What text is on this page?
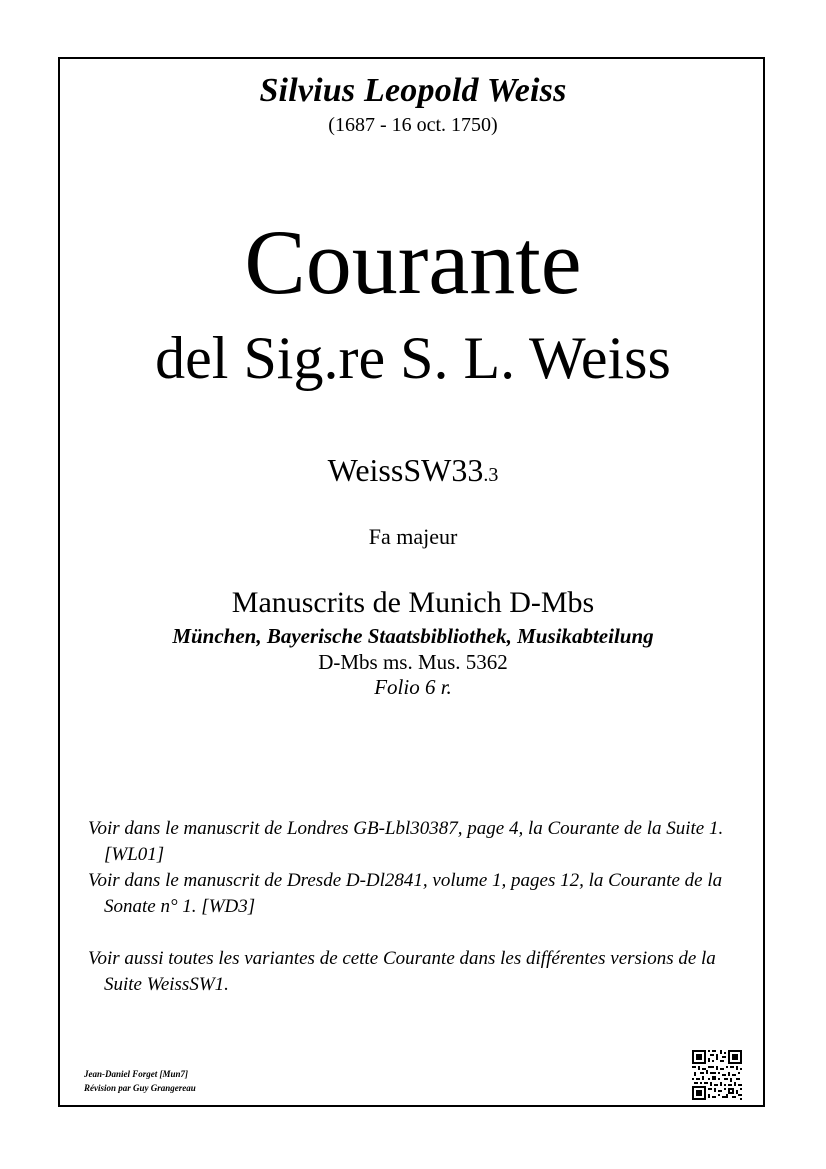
Silvius Leopold Weiss
(1687 - 16 oct. 1750)
Courante
del Sig.re S. L. Weiss
WeissSW33.3
Fa majeur
Manuscrits de Munich D-Mbs
München, Bayerische Staatsbibliothek, Musikabteilung
D-Mbs ms. Mus. 5362
Folio 6 r.

Voir dans le manuscrit de Londres GB-Lbl30387, page 4, la Courante de la Suite 1. [WL01]

Voir dans le manuscrit de Dresde D-Dl2841, volume 1, pages 12, la Courante de la Sonate n° 1. [WD3]

Voir aussi toutes les variantes de cette Courante dans les différentes versions de la Suite WeissSW1.

Jean-Daniel Forget [Mun7]
Révision par Guy Grangereau
